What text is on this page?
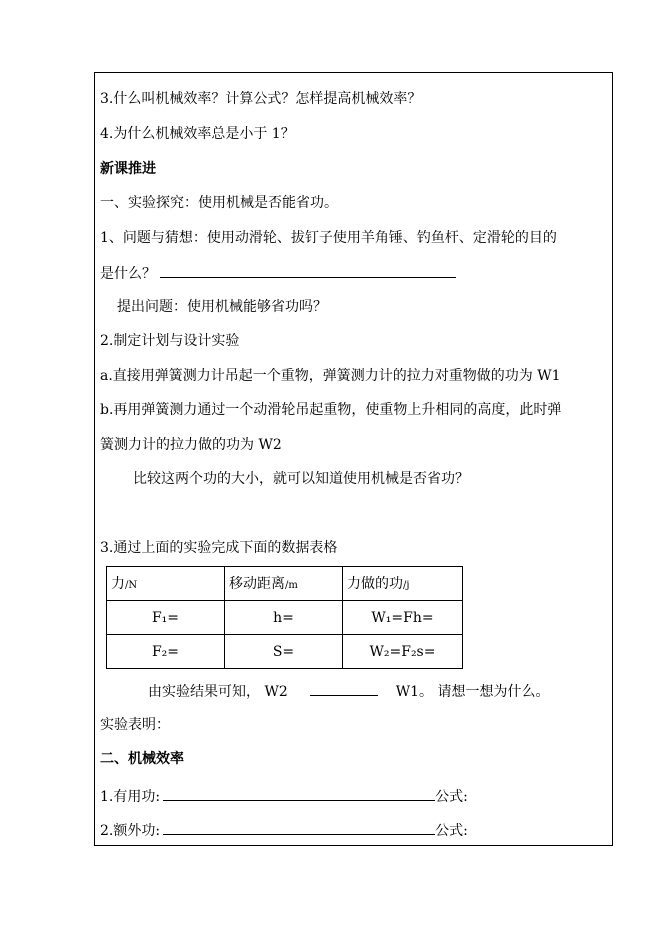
3.什么叫机械效率？计算公式？怎样提高机械效率？
4.为什么机械效率总是小于 1？
新课推进
一、实验探究：使用机械是否能省功。
1、问题与猜想：使用动滑轮、拔钉子使用羊角锤、钓鱼杆、定滑轮的目的
是什么？
提出问题：使用机械能够省功吗？
2.制定计划与设计实验
a.直接用弹簧测力计吊起一个重物，弹簧测力计的拉力对重物做的功为 W1
b.再用弹簧测力通过一个动滑轮吊起重物，使重物上升相同的高度，此时弹
簧测力计的拉力做的功为 W2
比较这两个功的大小，就可以知道使用机械是否省功？
3.通过上面的实验完成下面的数据表格
力/N	移动距离/m	力做的功/j
F₁=	h=	W₁=Fh=
F₂=	S=	W₂=F₂s=
由实验结果可知， W2	W1。 请想一想为什么。
实验表明：
二、机械效率
1.有用功:	公式:
2.额外功:	公式:
